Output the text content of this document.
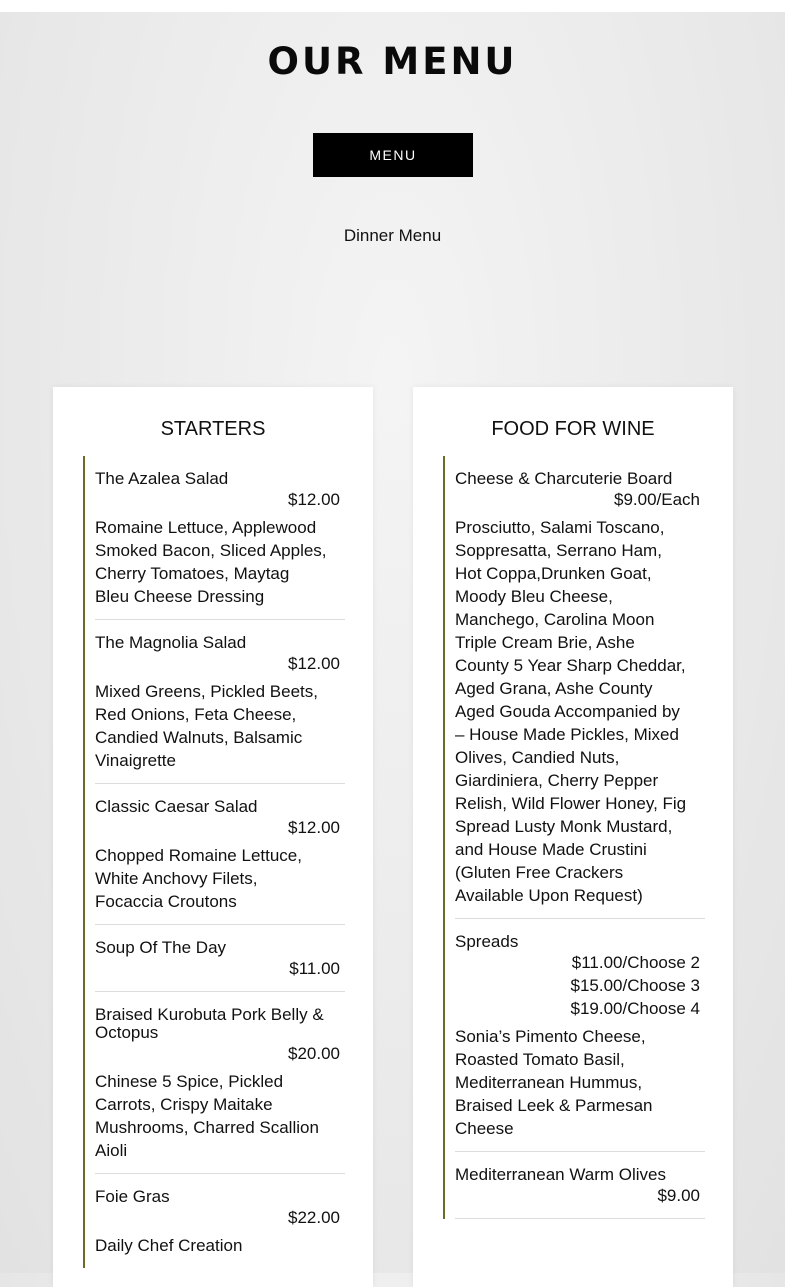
OUR MENU
MENU
Dinner Menu
STARTERS
The Azalea Salad
$12.00
Romaine Lettuce, Applewood Smoked Bacon, Sliced Apples, Cherry Tomatoes, Maytag Bleu Cheese Dressing
The Magnolia Salad
$12.00
Mixed Greens, Pickled Beets, Red Onions, Feta Cheese, Candied Walnuts, Balsamic Vinaigrette
Classic Caesar Salad
$12.00
Chopped Romaine Lettuce, White Anchovy Filets, Focaccia Croutons
Soup Of The Day
$11.00
Braised Kurobuta Pork Belly & Octopus
$20.00
Chinese 5 Spice, Pickled Carrots, Crispy Maitake Mushrooms, Charred Scallion Aioli
Foie Gras
$22.00
Daily Chef Creation
FOOD FOR WINE
Cheese & Charcuterie Board
$9.00/Each
Prosciutto, Salami Toscano, Soppresatta, Serrano Ham, Hot Coppa,Drunken Goat, Moody Bleu Cheese, Manchego, Carolina Moon Triple Cream Brie, Ashe County 5 Year Sharp Cheddar, Aged Grana, Ashe County Aged Gouda Accompanied by – House Made Pickles, Mixed Olives, Candied Nuts, Giardiniera, Cherry Pepper Relish, Wild Flower Honey, Fig Spread Lusty Monk Mustard, and House Made Crustini (Gluten Free Crackers Available Upon Request)
Spreads
$11.00/Choose 2
$15.00/Choose 3
$19.00/Choose 4
Sonia’s Pimento Cheese, Roasted Tomato Basil, Mediterranean Hummus, Braised Leek & Parmesan Cheese
Mediterranean Warm Olives
$9.00
